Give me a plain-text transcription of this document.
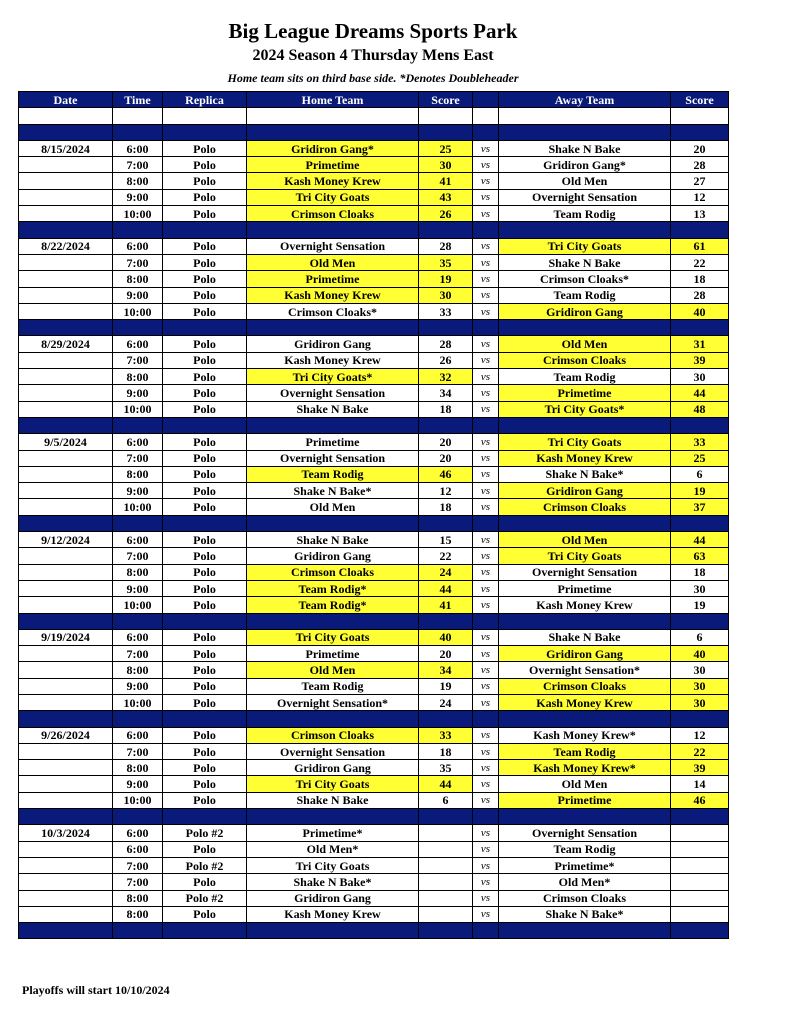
Big League Dreams Sports Park
2024 Season 4 Thursday Mens East
Home team sits on third base side. *Denotes Doubleheader
Date	Time	Replica	Home Team	Score		Away Team	Score

8/15/2024	6:00	Polo	Gridiron Gang*	25	vs	Shake N Bake	20
	7:00	Polo	Primetime	30	vs	Gridiron Gang*	28
	8:00	Polo	Kash Money Krew	41	vs	Old Men	27
	9:00	Polo	Tri City Goats	43	vs	Overnight Sensation	12
	10:00	Polo	Crimson Cloaks	26	vs	Team Rodig	13

8/22/2024	6:00	Polo	Overnight Sensation	28	vs	Tri City Goats	61
	7:00	Polo	Old Men	35	vs	Shake N Bake	22
	8:00	Polo	Primetime	19	vs	Crimson Cloaks*	18
	9:00	Polo	Kash Money Krew	30	vs	Team Rodig	28
	10:00	Polo	Crimson Cloaks*	33	vs	Gridiron Gang	40

8/29/2024	6:00	Polo	Gridiron Gang	28	vs	Old Men	31
	7:00	Polo	Kash Money Krew	26	vs	Crimson Cloaks	39
	8:00	Polo	Tri City Goats*	32	vs	Team Rodig	30
	9:00	Polo	Overnight Sensation	34	vs	Primetime	44
	10:00	Polo	Shake N Bake	18	vs	Tri City Goats*	48

9/5/2024	6:00	Polo	Primetime	20	vs	Tri City Goats	33
	7:00	Polo	Overnight Sensation	20	vs	Kash Money Krew	25
	8:00	Polo	Team Rodig	46	vs	Shake N Bake*	6
	9:00	Polo	Shake N Bake*	12	vs	Gridiron Gang	19
	10:00	Polo	Old Men	18	vs	Crimson Cloaks	37

9/12/2024	6:00	Polo	Shake N Bake	15	vs	Old Men	44
	7:00	Polo	Gridiron Gang	22	vs	Tri City Goats	63
	8:00	Polo	Crimson Cloaks	24	vs	Overnight Sensation	18
	9:00	Polo	Team Rodig*	44	vs	Primetime	30
	10:00	Polo	Team Rodig*	41	vs	Kash Money Krew	19

9/19/2024	6:00	Polo	Tri City Goats	40	vs	Shake N Bake	6
	7:00	Polo	Primetime	20	vs	Gridiron Gang	40
	8:00	Polo	Old Men	34	vs	Overnight Sensation*	30
	9:00	Polo	Team Rodig	19	vs	Crimson Cloaks	30
	10:00	Polo	Overnight Sensation*	24	vs	Kash Money Krew	30

9/26/2024	6:00	Polo	Crimson Cloaks	33	vs	Kash Money Krew*	12
	7:00	Polo	Overnight Sensation	18	vs	Team Rodig	22
	8:00	Polo	Gridiron Gang	35	vs	Kash Money Krew*	39
	9:00	Polo	Tri City Goats	44	vs	Old Men	14
	10:00	Polo	Shake N Bake	6	vs	Primetime	46

10/3/2024	6:00	Polo #2	Primetime*		vs	Overnight Sensation	
	6:00	Polo	Old Men*		vs	Team Rodig	
	7:00	Polo #2	Tri City Goats		vs	Primetime*	
	7:00	Polo	Shake N Bake*		vs	Old Men*	
	8:00	Polo #2	Gridiron Gang		vs	Crimson Cloaks	
	8:00	Polo	Kash Money Krew		vs	Shake N Bake*	

Playoffs will start 10/10/2024
